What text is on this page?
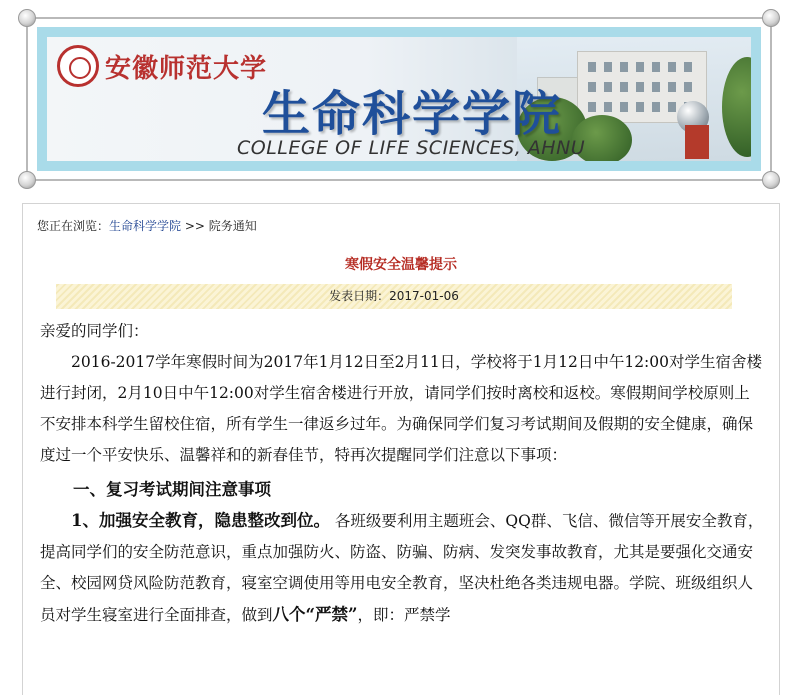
安徽师范大学
生命科学学院
COLLEGE OF LIFE SCIENCES, AHNU
您正在浏览：生命科学学院 >> 院务通知
寒假安全温馨提示
发表日期：2017-01-06

亲爱的同学们：

2016-2017学年寒假时间为2017年1月12日至2月11日，学校将于1月12日中午12:00对学生宿舍楼进行封闭，2月10日中午12:00对学生宿舍楼进行开放，请同学们按时离校和返校。寒假期间学校原则上不安排本科学生留校住宿，所有学生一律返乡过年。为确保同学们复习考试期间及假期的安全健康，确保度过一个平安快乐、温馨祥和的新春佳节，特再次提醒同学们注意以下事项：

一、复习考试期间注意事项

1、加强安全教育，隐患整改到位。 各班级要利用主题班会、QQ群、飞信、微信等开展安全教育，提高同学们的安全防范意识，重点加强防火、防盗、防骗、防病、发突发事故教育，尤其是要强化交通安全、校园网贷风险防范教育，寝室空调使用等用电安全教育，坚决杜绝各类违规电器。学院、班级组织人员对学生寝室进行全面排查，做到八个“严禁”，即：严禁学
